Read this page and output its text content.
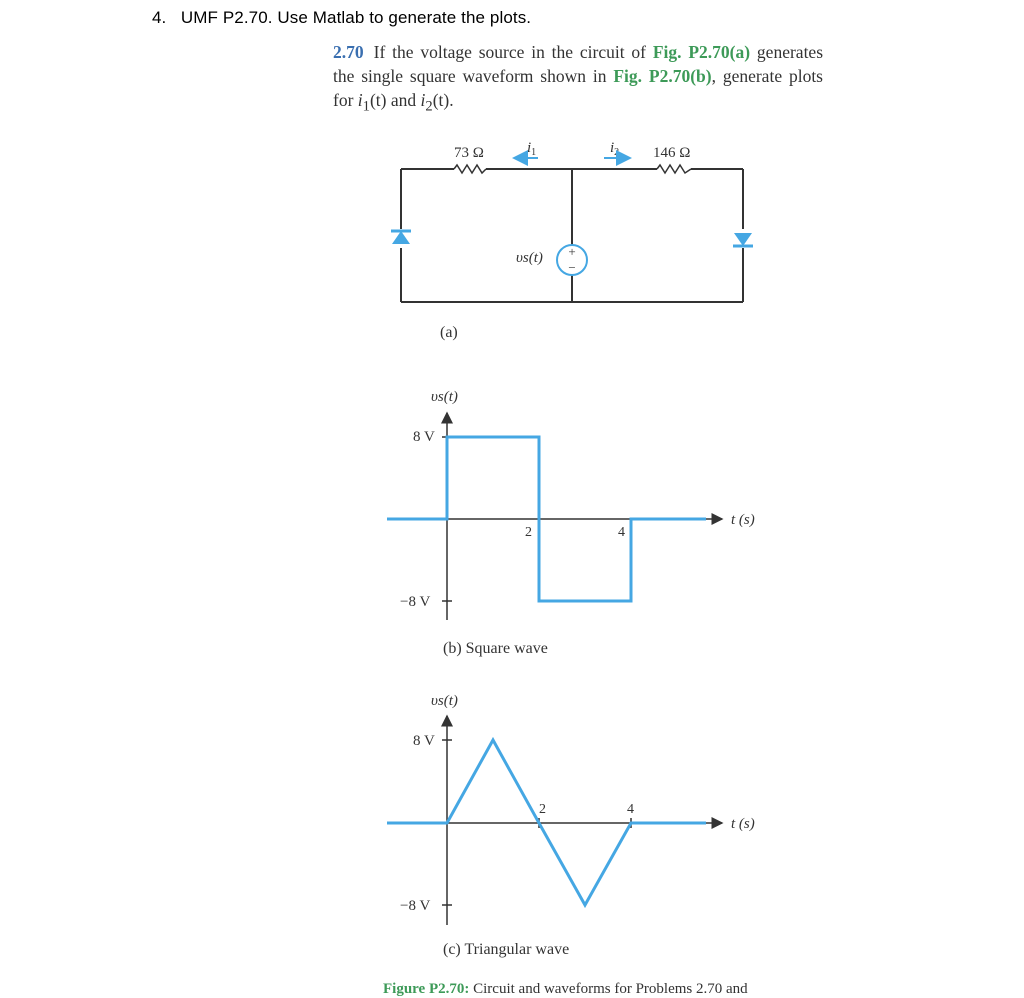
4. UMF P2.70. Use Matlab to generate the plots.
2.70 If the voltage source in the circuit of Fig. P2.70(a) generates the single square waveform shown in Fig. P2.70(b), generate plots for $i_1(t)$ and $i_2(t)$.
+
−
υs(t)
73 Ω	146 Ω
$i_1$	$i_2$
(a)
υs(t)
8 V
−8 V
2	4
t (s)
(b) Square wave
υs(t)
8 V
−8 V
2	4
t (s)
(c) Triangular wave
Figure P2.70: Circuit and waveforms for Problems 2.70 and
